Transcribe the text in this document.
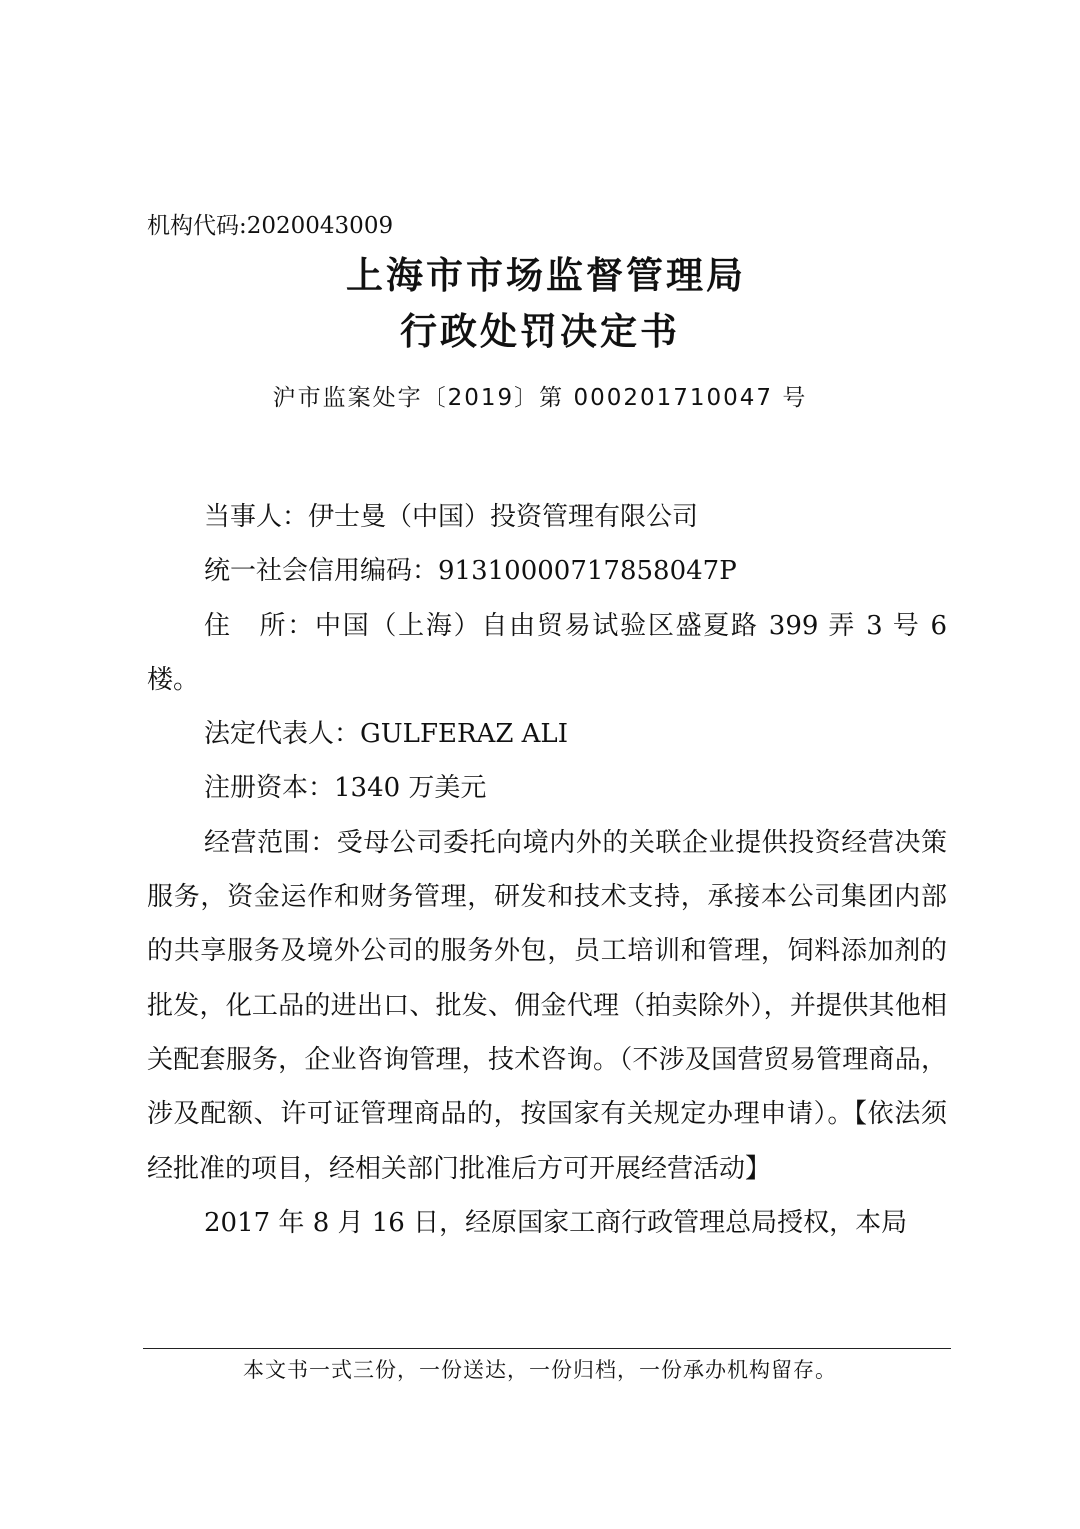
机构代码:2020043009
上海市市场监督管理局
行政处罚决定书
沪市监案处字〔2019〕第 000201710047 号

当事人：伊士曼（中国）投资管理有限公司

统一社会信用编码：91310000717858047P

住　所：中国（上海）自由贸易试验区盛夏路 399 弄 3 号 6 楼。

法定代表人：GULFERAZ ALI

注册资本：1340 万美元

经营范围：受母公司委托向境内外的关联企业提供投资经营决策服务，资金运作和财务管理，研发和技术支持，承接本公司集团内部的共享服务及境外公司的服务外包，员工培训和管理，饲料添加剂的批发，化工品的进出口、批发、佣金代理（拍卖除外），并提供其他相关配套服务，企业咨询管理，技术咨询。（不涉及国营贸易管理商品，涉及配额、许可证管理商品的，按国家有关规定办理申请）。【依法须经批准的项目，经相关部门批准后方可开展经营活动】

2017 年 8 月 16 日，经原国家工商行政管理总局授权，本局

本文书一式三份，一份送达，一份归档，一份承办机构留存。
